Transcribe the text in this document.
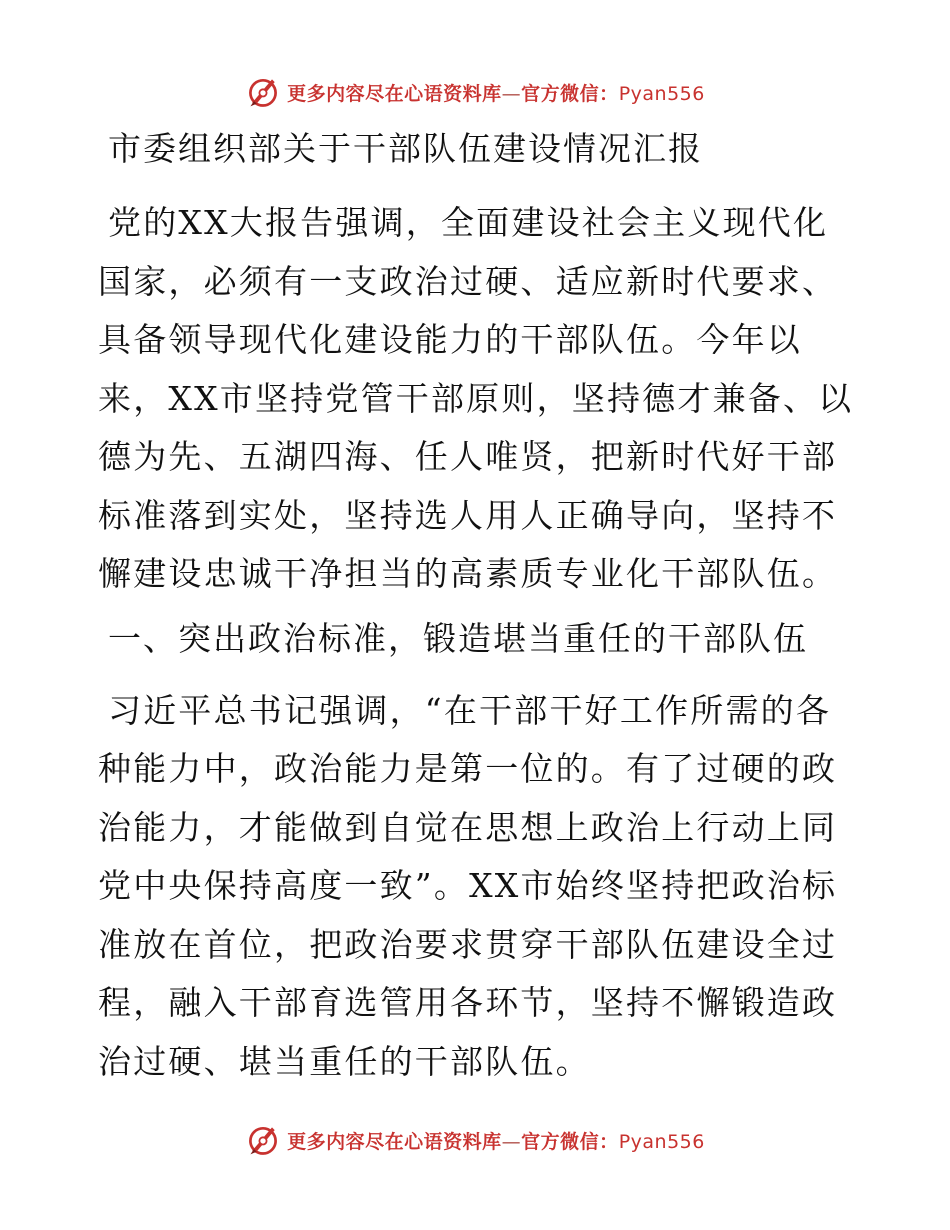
更多内容尽在心语资料库—官方微信：Pyan556
市委组织部关于干部队伍建设情况汇报

党的XX大报告强调，全面建设社会主义现代化国家，必须有一支政治过硬、适应新时代要求、具备领导现代化建设能力的干部队伍。今年以来，XX市坚持党管干部原则，坚持德才兼备、以德为先、五湖四海、任人唯贤，把新时代好干部标准落到实处，坚持选人用人正确导向，坚持不懈建设忠诚干净担当的高素质专业化干部队伍。

一、突出政治标准，锻造堪当重任的干部队伍

习近平总书记强调，“在干部干好工作所需的各种能力中，政治能力是第一位的。有了过硬的政治能力，才能做到自觉在思想上政治上行动上同党中央保持高度一致”。XX市始终坚持把政治标准放在首位，把政治要求贯穿干部队伍建设全过程，融入干部育选管用各环节，坚持不懈锻造政治过硬、堪当重任的干部队伍。

更多内容尽在心语资料库—官方微信：Pyan556
